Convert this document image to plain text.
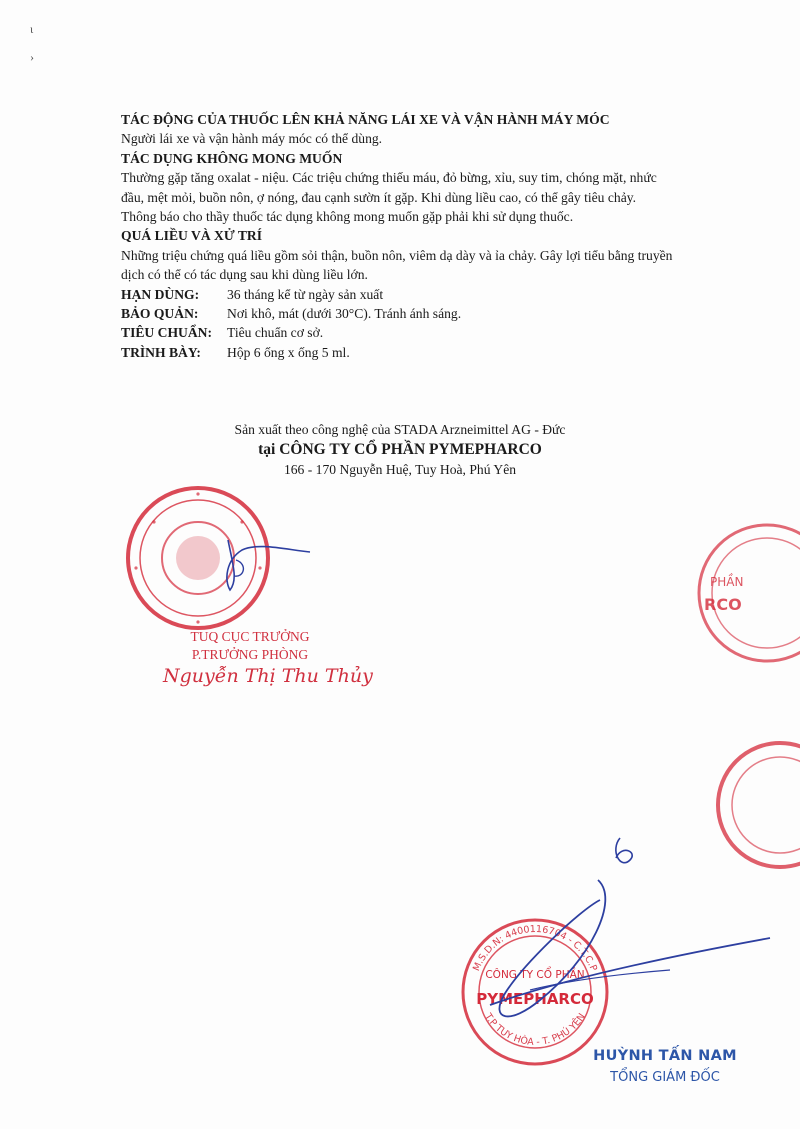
ι
›

TÁC ĐỘNG CỦA THUỐC LÊN KHẢ NĂNG LÁI XE VÀ VẬN HÀNH MÁY MÓC

Người lái xe và vận hành máy móc có thể dùng.

TÁC DỤNG KHÔNG MONG MUỐN

Thường gặp tăng oxalat - niệu. Các triệu chứng thiếu máu, đỏ bừng, xỉu, suy tim, chóng mặt, nhức

đầu, mệt mỏi, buồn nôn, ợ nóng, đau cạnh sườn ít gặp. Khi dùng liều cao, có thể gây tiêu chảy.

Thông báo cho thầy thuốc tác dụng không mong muốn gặp phải khi sử dụng thuốc.

QUÁ LIỀU VÀ XỬ TRÍ

Những triệu chứng quá liều gồm sỏi thận, buồn nôn, viêm dạ dày và ỉa chảy. Gây lợi tiểu bằng truyền

dịch có thể có tác dụng sau khi dùng liều lớn.

HẠN DÙNG:	36 tháng kể từ ngày sản xuất
BẢO QUẢN:	Nơi khô, mát (dưới 30°C). Tránh ánh sáng.
TIÊU CHUẨN:	Tiêu chuẩn cơ sở.
TRÌNH BÀY:	Hộp 6 ống x ống 5 ml.
Sản xuất theo công nghệ của STADA Arzneimittel AG - Đức
tại CÔNG TY CỔ PHẦN PYMEPHARCO
166 - 170 Nguyễn Huệ, Tuy Hoà, Phú Yên
TUQ CỤC TRƯỞNG
P.TRƯỞNG PHÒNG
Nguyễn Thị Thu Thủy
PHẦN
RCO
M.S.D.N: 4400116704 - C.T.C.P
T.P TUY HÒA - T. PHÚ YÊN
CÔNG TY CỔ PHẦN
PYMEPHARCO
HUỲNH TẤN NAM
TỔNG GIÁM ĐỐC
